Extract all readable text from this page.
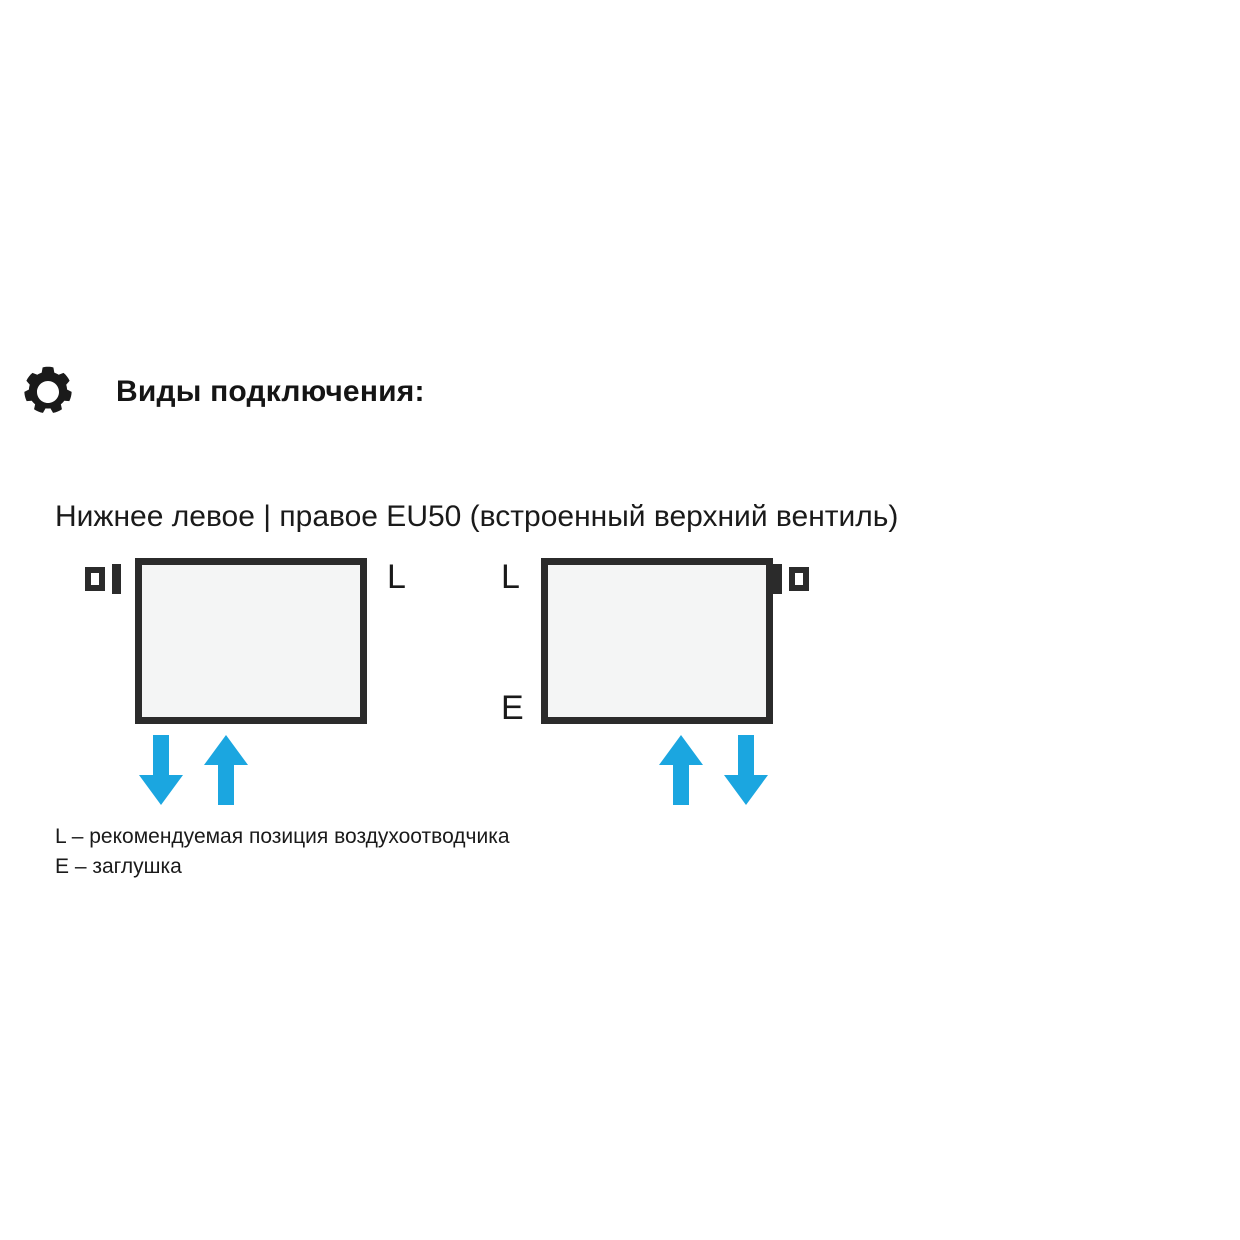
Виды подключения:
Нижнее левое | правое EU50 (встроенный верхний вентиль)
L	L
E
L – рекомендуемая позиция воздухоотводчика
E – заглушка
